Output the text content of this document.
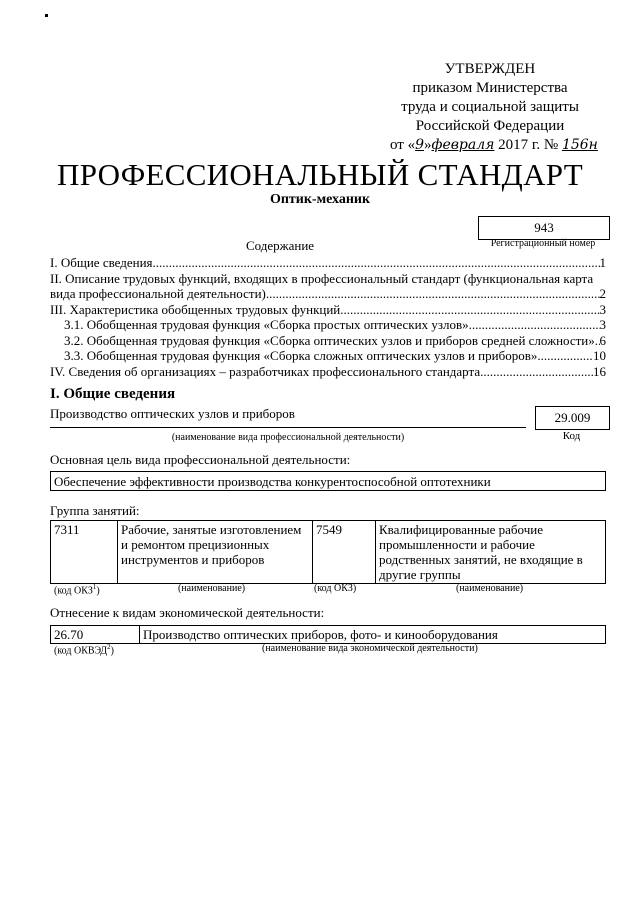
УТВЕРЖДЕН
приказом Министерства
труда и социальной защиты
Российской Федерации
от «9»февраля 2017 г. № 156н
ПРОФЕССИОНАЛЬНЫЙ СТАНДАРТ
Оптик-механик
943
Регистрационный номер
Содержание
I. Общие сведения .....	1
II. Описание трудовых функций, входящих в профессиональный стандарт (функциональная карта
вида профессиональной деятельности) .....	2
III. Характеристика обобщенных трудовых функций .....	3
3.1. Обобщенная трудовая функция «Сборка простых оптических узлов» .....	3
3.2. Обобщенная трудовая функция «Сборка оптических узлов и приборов средней сложности» ..... 6
3.3. Обобщенная трудовая функция «Сборка сложных оптических узлов и приборов» .....	10
IV. Сведения об организациях – разработчиках профессионального стандарта .....	16
I. Общие сведения
Производство оптических узлов и приборов	29.009
(наименование вида профессиональной деятельности)	Код
Основная цель вида профессиональной деятельности:
Обеспечение эффективности производства конкурентоспособной оптотехники
Группа занятий:
7311	Рабочие, занятые изготовлением и ремонтом прецизионных инструментов и приборов	7549	Квалифицированные рабочие промышленности и рабочие родственных занятий, не входящие в другие группы
(код ОКЗ$^1$)	(наименование)	(код ОКЗ)	(наименование)
Отнесение к видам экономической деятельности:
26.70	Производство оптических приборов, фото- и кинооборудования
(код ОКВЭД$^2$)	(наименование вида экономической деятельности)
